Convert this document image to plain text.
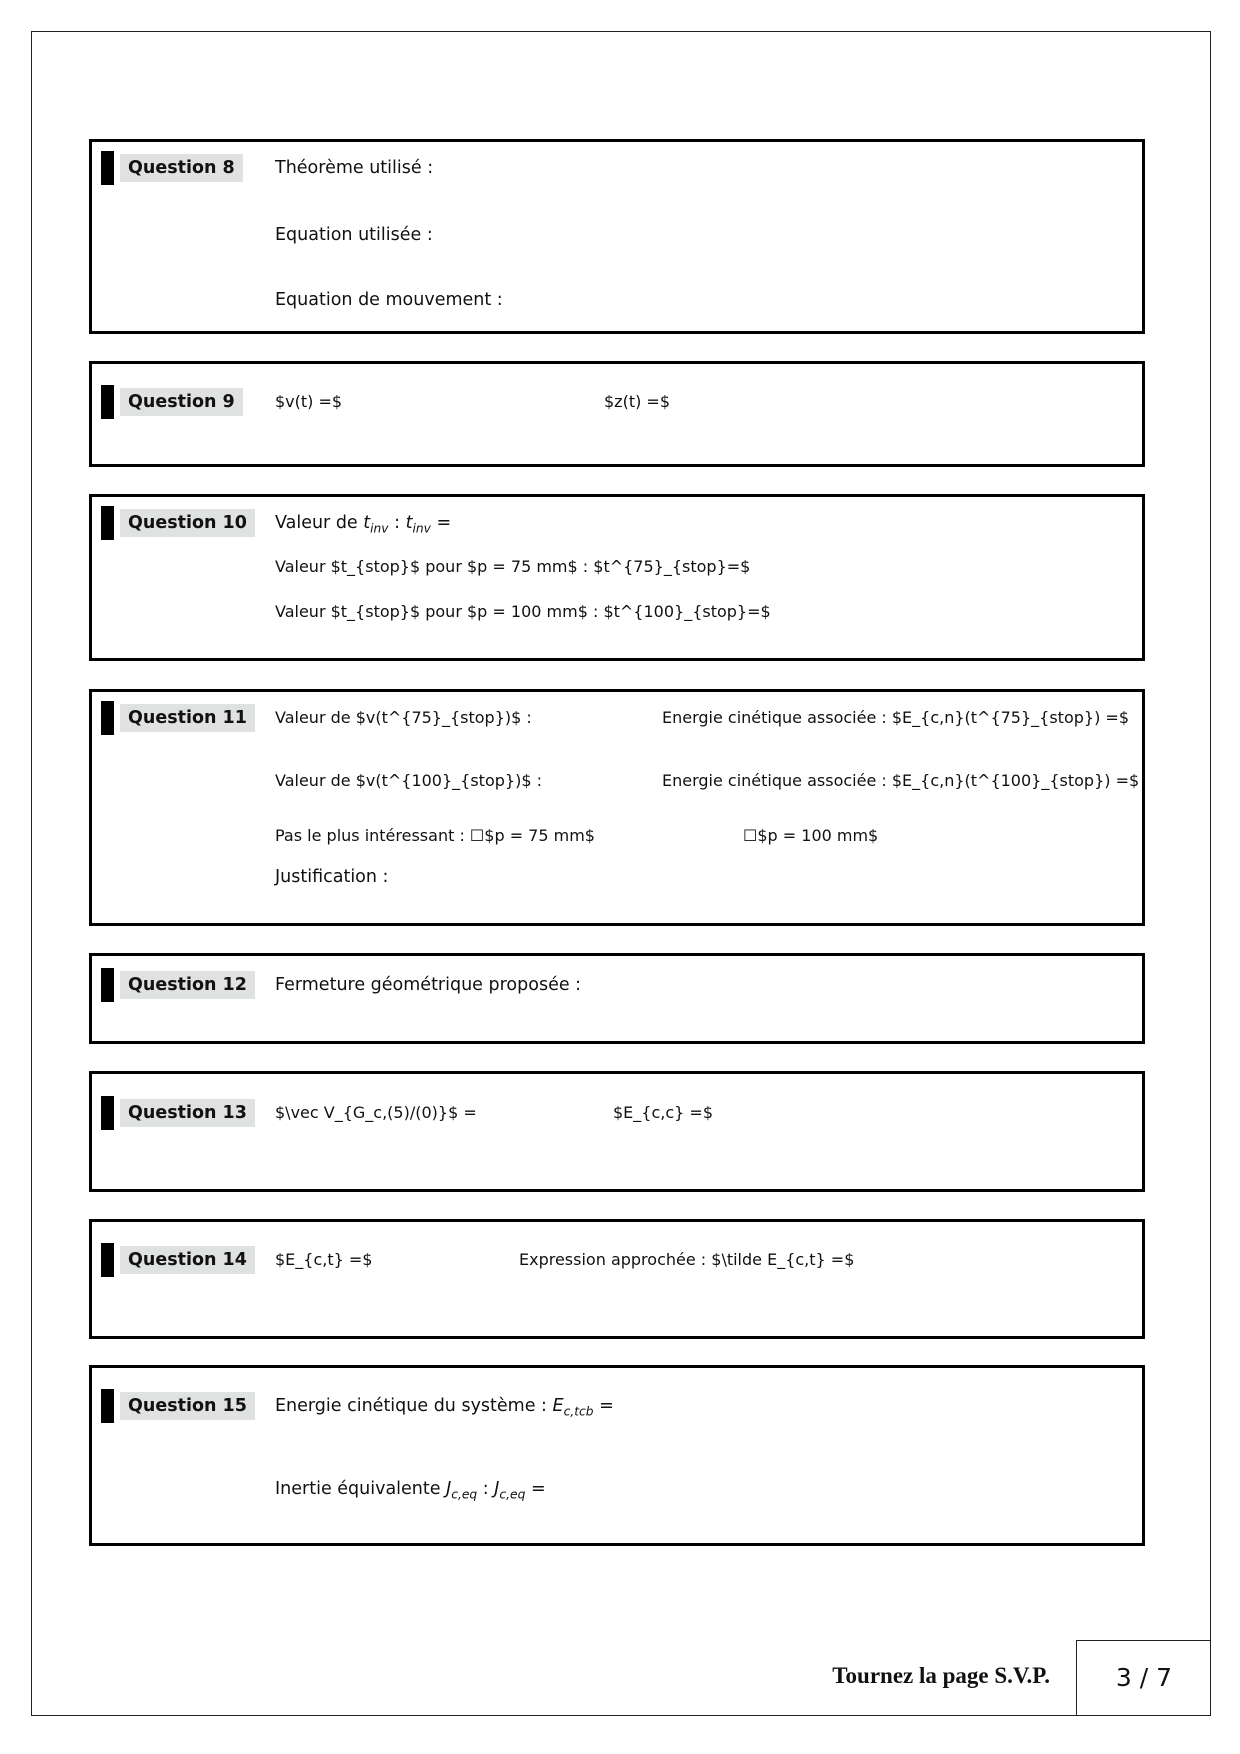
Question 8	Théorème utilisé :
Equation utilisée :
Equation de mouvement :
Question 9	$v(t) =$	$z(t) =$
Question 10	Valeur de $t_{inv}$ : $t_{inv}$ =
Valeur $t_{stop}$ pour $p = 75 mm$ : $t^{75}_{stop}=$
Valeur $t_{stop}$ pour $p = 100 mm$ : $t^{100}_{stop}=$
Question 11	Valeur de $v(t^{75}_{stop})$ :	Energie cinétique associée : $E_{c,n}(t^{75}_{stop}) =$
Valeur de $v(t^{100}_{stop})$ :	Energie cinétique associée : $E_{c,n}(t^{100}_{stop}) =$
Pas le plus intéressant : ☐$p = 75 mm$	☐$p = 100 mm$
Justification :
Question 12	Fermeture géométrique proposée :
Question 13	$\vec V_{G_c,(5)/(0)}$ =	$E_{c,c} =$
Question 14	$E_{c,t} =$	Expression approchée : $\tilde E_{c,t} =$
Question 15	Energie cinétique du système : $E_{c,tcb}$ =
Inertie équivalente $J_{c,eq}$ : $J_{c,eq}$ =
Tournez la page S.V.P.	3 / 7
